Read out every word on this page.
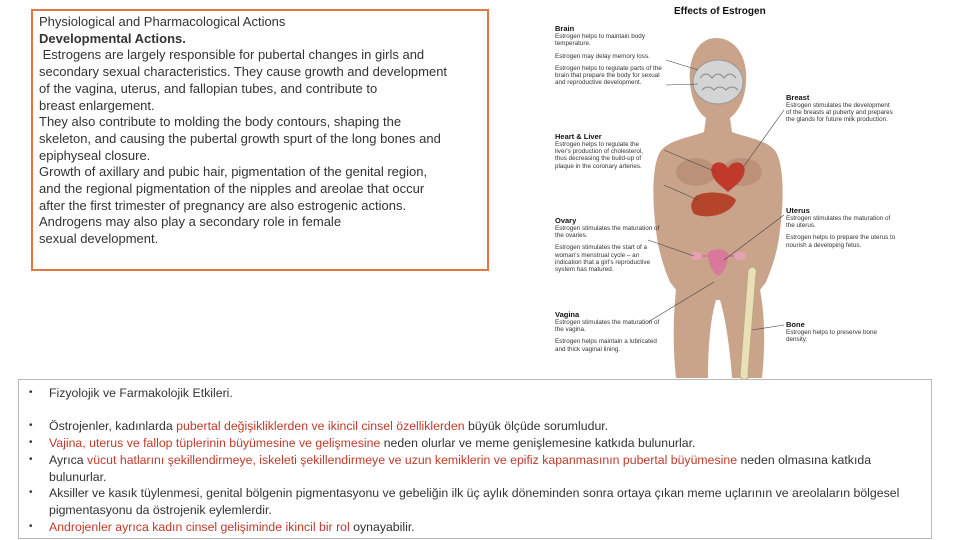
Physiological and Pharmacological Actions
Developmental Actions.
Estrogens are largely responsible for pubertal changes in girls and
secondary sexual characteristics. They cause growth and development
of the vagina, uterus, and fallopian tubes, and contribute to
breast enlargement.
They also contribute to molding the body contours, shaping the
skeleton, and causing the pubertal growth spurt of the long bones and
epiphyseal closure.
Growth of axillary and pubic hair, pigmentation of the genital region,
and the regional pigmentation of the nipples and areolae that occur
after the first trimester of pregnancy are also estrogenic actions.
Androgens may also play a secondary role in female
sexual development.
Effects of Estrogen
Brain
Estrogen helps to maintain body temperature.
Estrogen may delay memory loss.
Estrogen helps to regulate parts of the brain that prepare the body for sexual and reproductive development.
Heart & Liver
Estrogen helps to regulate the liver's production of cholesterol, thus decreasing the build-up of plaque in the coronary arteries.
Ovary
Estrogen stimulates the maturation of the ovaries.
Estrogen stimulates the start of a woman's menstrual cycle – an indication that a girl's reproductive system has matured.
Vagina
Estrogen stimulates the maturation of the vagina.
Estrogen helps maintain a lubricated and thick vaginal lining.
Breast
Estrogen stimulates the development of the breasts at puberty and prepares the glands for future milk production.
Uterus
Estrogen stimulates the maturation of the uterus.
Estrogen helps to prepare the uterus to nourish a developing fetus.
Bone
Estrogen helps to preserve bone density.
• Fizyolojik ve Farmakolojik Etkileri.
• Östrojenler, kadınlarda pubertal değişikliklerden ve ikincil cinsel özelliklerden büyük ölçüde sorumludur.
• Vajina, uterus ve fallop tüplerinin büyümesine ve gelişmesine neden olurlar ve meme genişlemesine katkıda bulunurlar.
• Ayrıca vücut hatlarını şekillendirmeye, iskeleti şekillendirmeye ve uzun kemiklerin ve epifiz kapanmasının pubertal büyümesine neden olmasına katkıda bulunurlar.
• Aksiller ve kasık tüylenmesi, genital bölgenin pigmentasyonu ve gebeliğin ilk üç aylık döneminden sonra ortaya çıkan meme uçlarının ve areolaların bölgesel pigmentasyonu da östrojenik eylemlerdir.
• Androjenler ayrıca kadın cinsel gelişiminde ikincil bir rol oynayabilir.
